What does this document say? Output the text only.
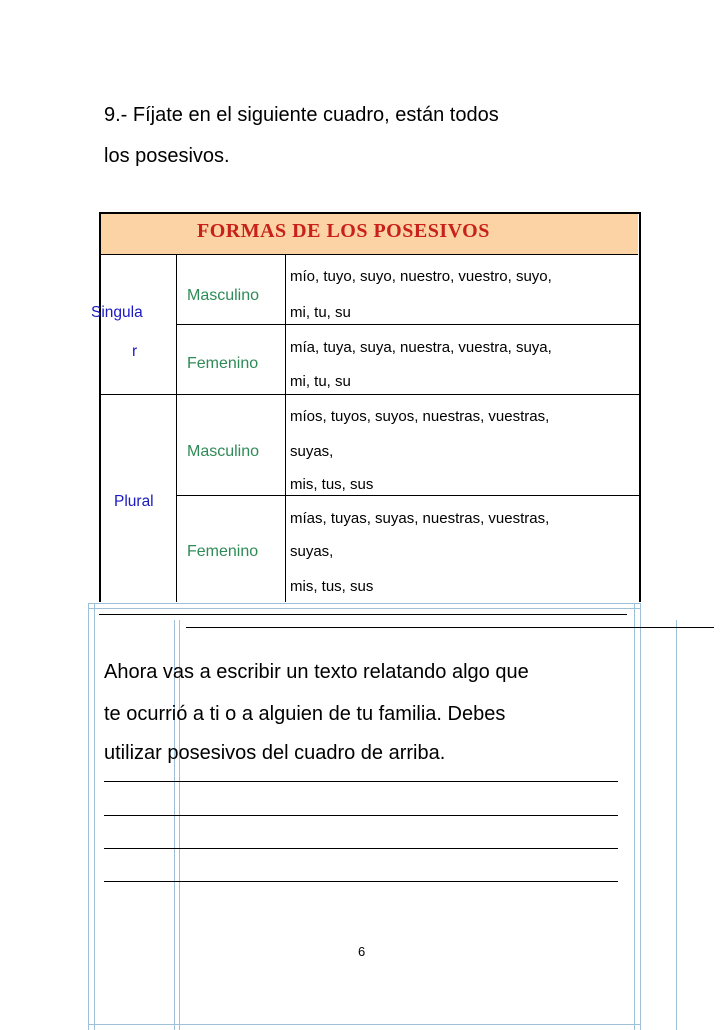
9.- Fíjate en el siguiente cuadro, están todos
los posesivos.
FORMAS DE LOS POSESIVOS
Singula
r
Plural
Masculino
Femenino
Masculino
Femenino
mío, tuyo, suyo, nuestro, vuestro, suyo,
mi, tu, su
mía, tuya, suya, nuestra, vuestra, suya,
mi, tu, su
míos, tuyos, suyos, nuestras, vuestras,
suyas,
mis, tus, sus
mías, tuyas, suyas, nuestras, vuestras,
suyas,
mis, tus, sus
Ahora vas a escribir un texto relatando algo que
te ocurrió a ti o a alguien de tu familia. Debes
utilizar posesivos del cuadro de arriba.
6
